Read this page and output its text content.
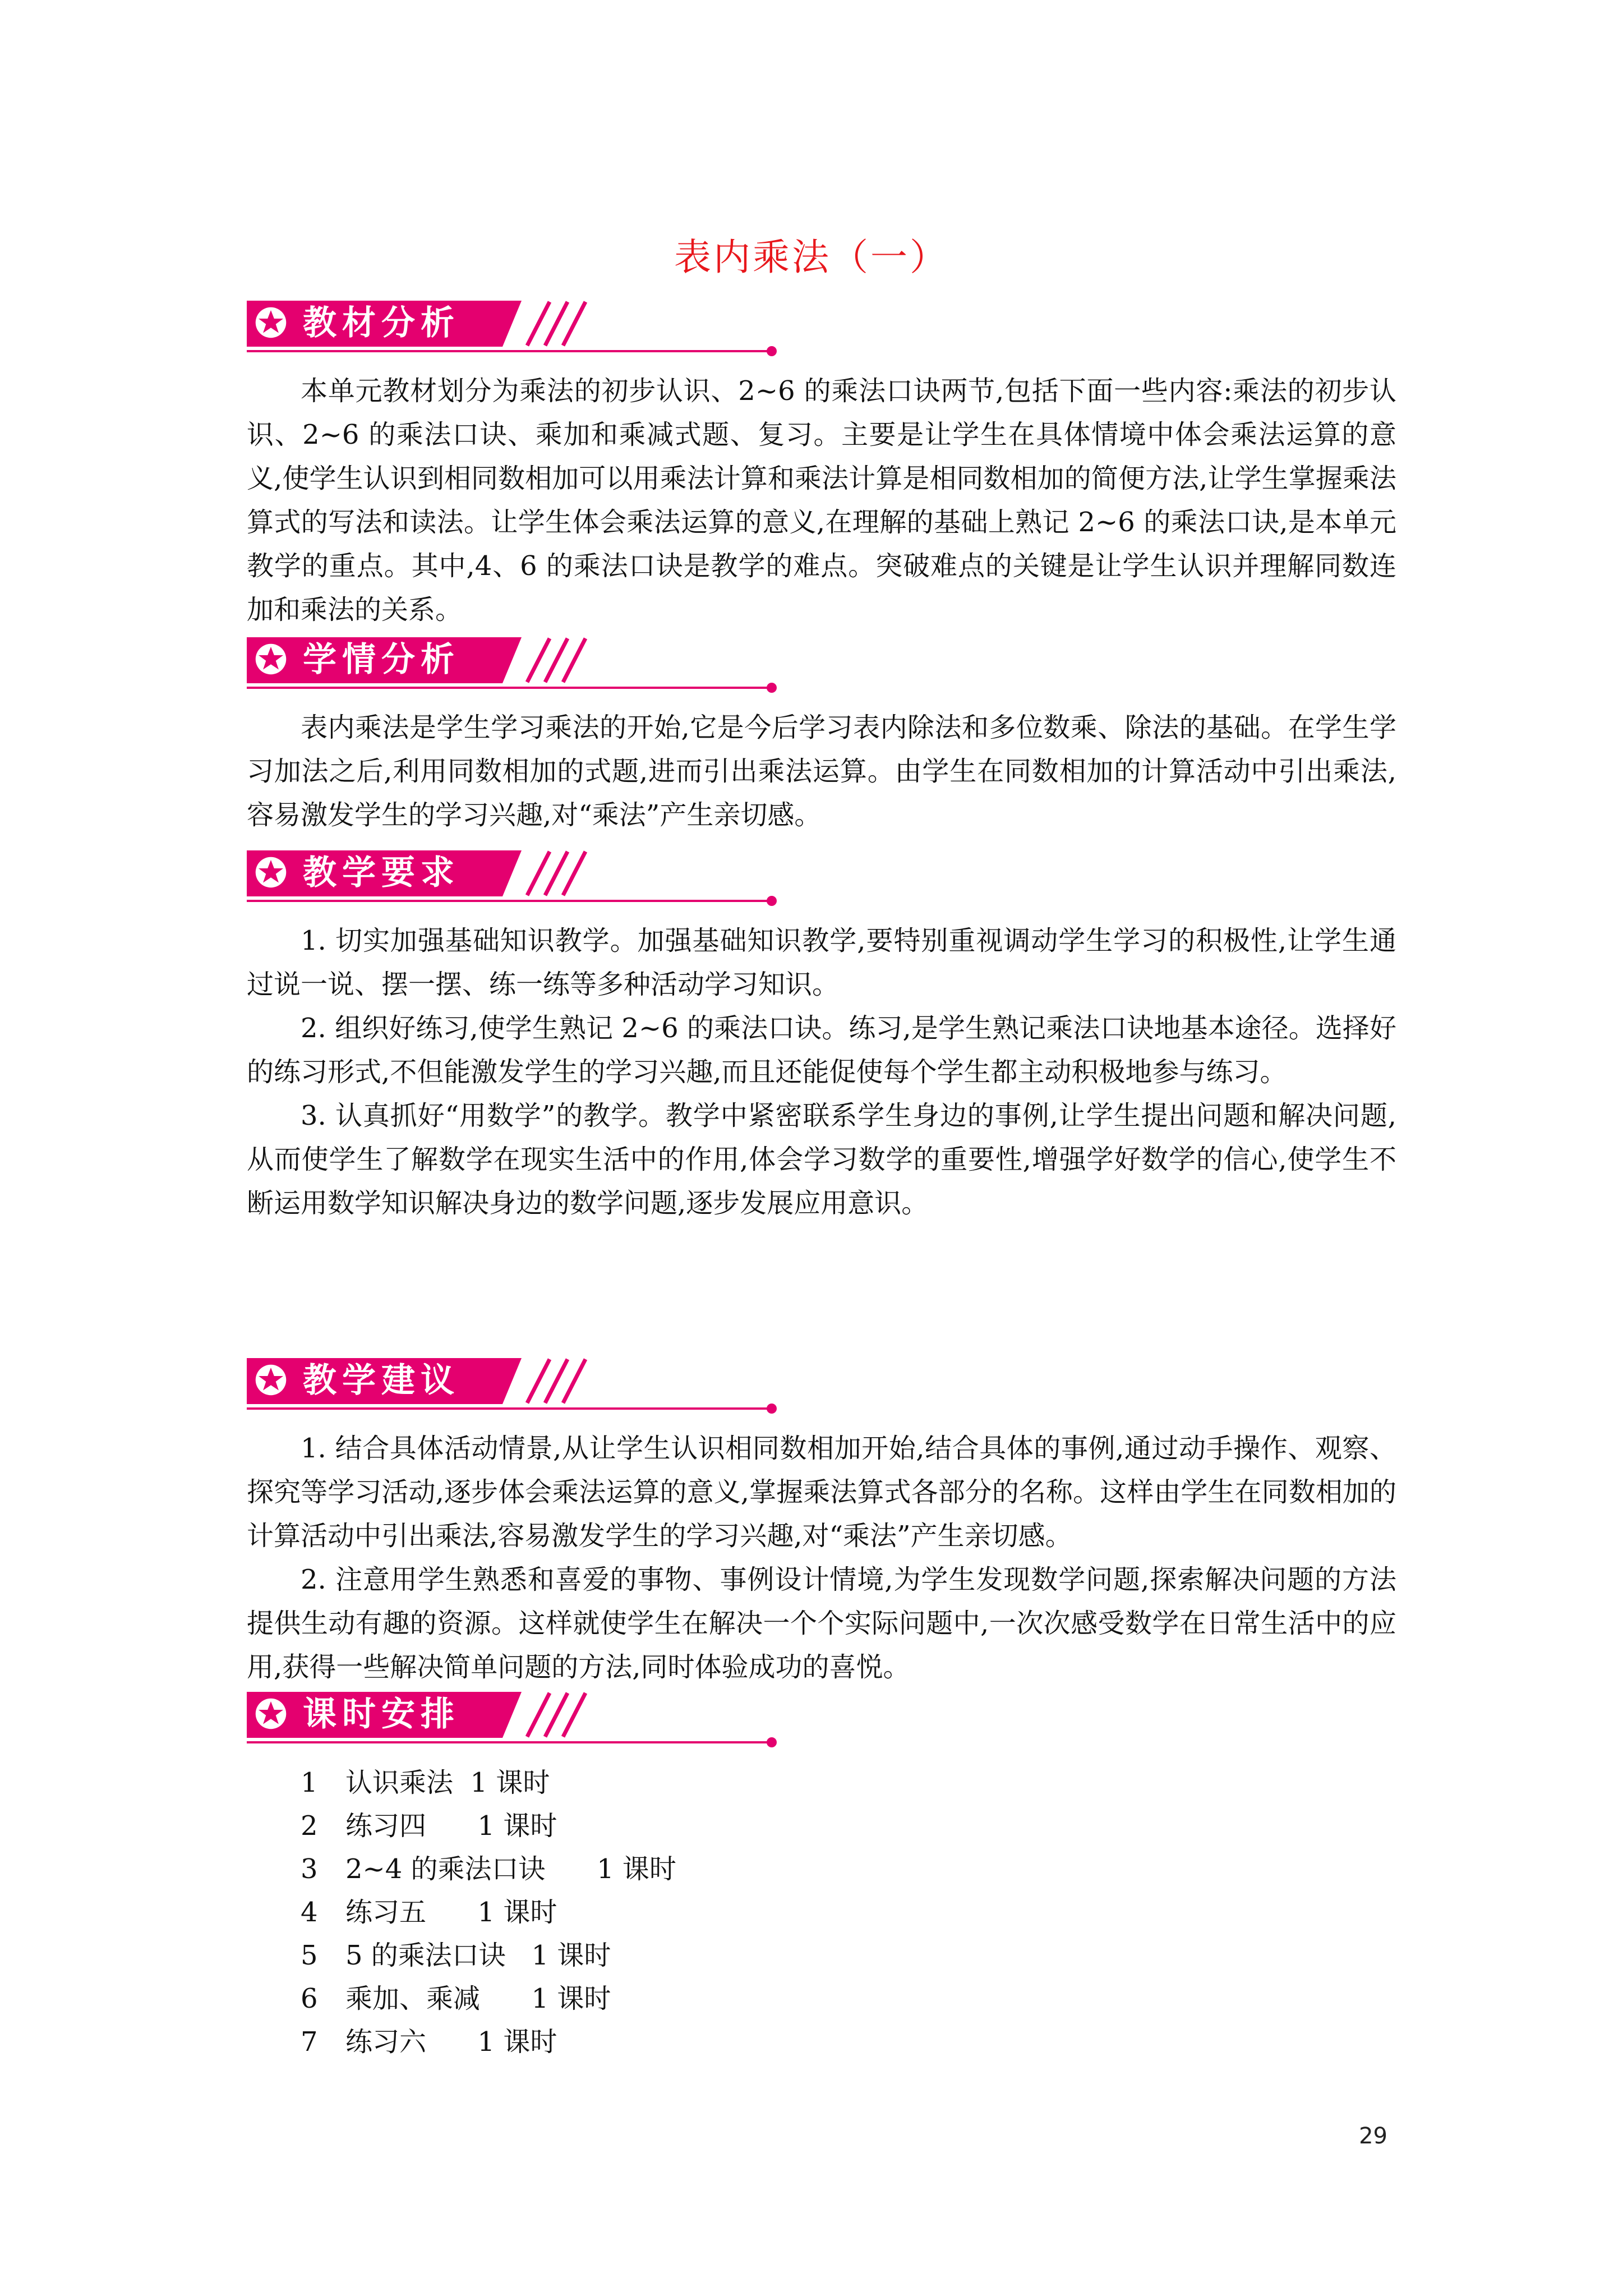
表内乘法（一）
教材分析

本单元教材划分为乘法的初步认识、2~6 的乘法口诀两节,包括下面一些内容:乘法的初步认识、2~6 的乘法口诀、乘加和乘减式题、复习。主要是让学生在具体情境中体会乘法运算的意义,使学生认识到相同数相加可以用乘法计算和乘法计算是相同数相加的简便方法,让学生掌握乘法算式的写法和读法。让学生体会乘法运算的意义,在理解的基础上熟记 2~6 的乘法口诀,是本单元教学的重点。其中,4、6 的乘法口诀是教学的难点。突破难点的关键是让学生认识并理解同数连加和乘法的关系。

学情分析

表内乘法是学生学习乘法的开始,它是今后学习表内除法和多位数乘、除法的基础。在学生学习加法之后,利用同数相加的式题,进而引出乘法运算。由学生在同数相加的计算活动中引出乘法,容易激发学生的学习兴趣,对“乘法”产生亲切感。

教学要求

1. 切实加强基础知识教学。加强基础知识教学,要特别重视调动学生学习的积极性,让学生通过说一说、摆一摆、练一练等多种活动学习知识。

2. 组织好练习,使学生熟记 2~6 的乘法口诀。练习,是学生熟记乘法口诀地基本途径。选择好的练习形式,不但能激发学生的学习兴趣,而且还能促使每个学生都主动积极地参与练习。

3. 认真抓好“用数学”的教学。教学中紧密联系学生身边的事例,让学生提出问题和解决问题,从而使学生了解数学在现实生活中的作用,体会学习数学的重要性,增强学好数学的信心,使学生不断运用数学知识解决身边的数学问题,逐步发展应用意识。

教学建议

1. 结合具体活动情景,从让学生认识相同数相加开始,结合具体的事例,通过动手操作、观察、探究等学习活动,逐步体会乘法运算的意义,掌握乘法算式各部分的名称。这样由学生在同数相加的计算活动中引出乘法,容易激发学生的学习兴趣,对“乘法”产生亲切感。

2. 注意用学生熟悉和喜爱的事物、事例设计情境,为学生发现数学问题,探索解决问题的方法提供生动有趣的资源。这样就使学生在解决一个个实际问题中,一次次感受数学在日常生活中的应用,获得一些解决简单问题的方法,同时体验成功的喜悦。

课时安排
1 认识乘法  1 课时
2 练习四      1 课时
3 2~4 的乘法口诀      1 课时
4 练习五      1 课时
5 5 的乘法口诀   1 课时
6 乘加、乘减      1 课时
7 练习六      1 课时
29
